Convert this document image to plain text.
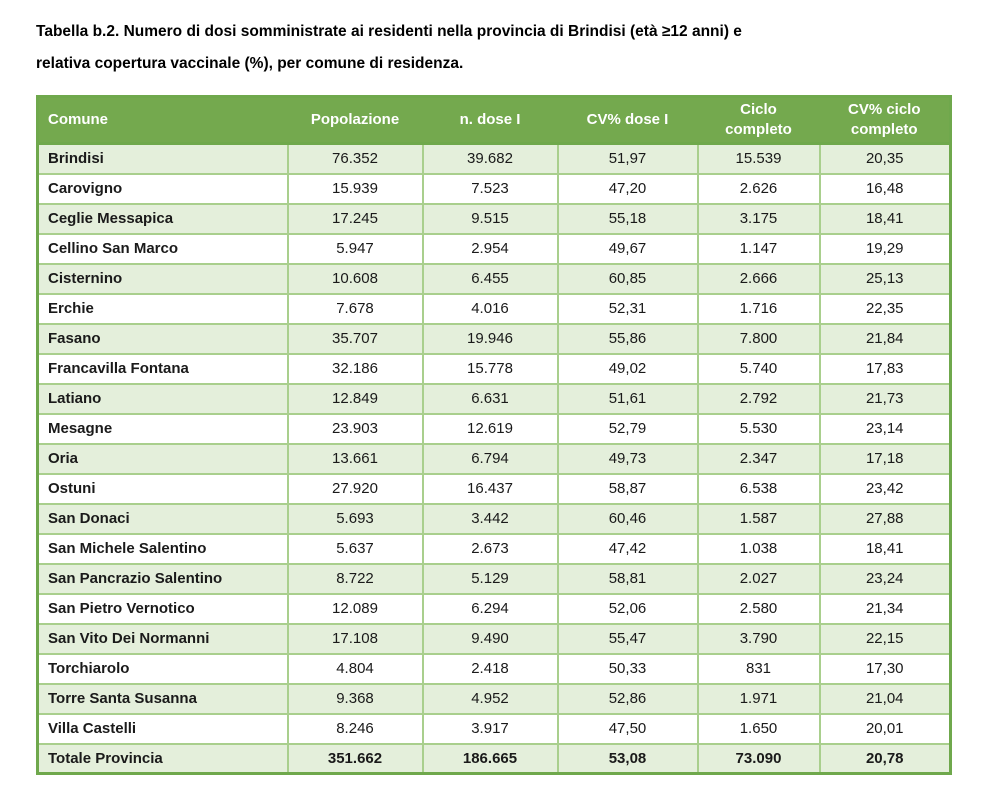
Tabella b.2. Numero di dosi somministrate ai residenti nella provincia di Brindisi (età ≥12 anni) e
relativa copertura vaccinale (%), per comune di residenza.
Comune	Popolazione	n. dose I	CV% dose I	Ciclo completo	CV% ciclo completo
Brindisi	76.352	39.682	51,97	15.539	20,35
Carovigno	15.939	7.523	47,20	2.626	16,48
Ceglie Messapica	17.245	9.515	55,18	3.175	18,41
Cellino San Marco	5.947	2.954	49,67	1.147	19,29
Cisternino	10.608	6.455	60,85	2.666	25,13
Erchie	7.678	4.016	52,31	1.716	22,35
Fasano	35.707	19.946	55,86	7.800	21,84
Francavilla Fontana	32.186	15.778	49,02	5.740	17,83
Latiano	12.849	6.631	51,61	2.792	21,73
Mesagne	23.903	12.619	52,79	5.530	23,14
Oria	13.661	6.794	49,73	2.347	17,18
Ostuni	27.920	16.437	58,87	6.538	23,42
San Donaci	5.693	3.442	60,46	1.587	27,88
San Michele Salentino	5.637	2.673	47,42	1.038	18,41
San Pancrazio Salentino	8.722	5.129	58,81	2.027	23,24
San Pietro Vernotico	12.089	6.294	52,06	2.580	21,34
San Vito Dei Normanni	17.108	9.490	55,47	3.790	22,15
Torchiarolo	4.804	2.418	50,33	831	17,30
Torre Santa Susanna	9.368	4.952	52,86	1.971	21,04
Villa Castelli	8.246	3.917	47,50	1.650	20,01
Totale Provincia	351.662	186.665	53,08	73.090	20,78
